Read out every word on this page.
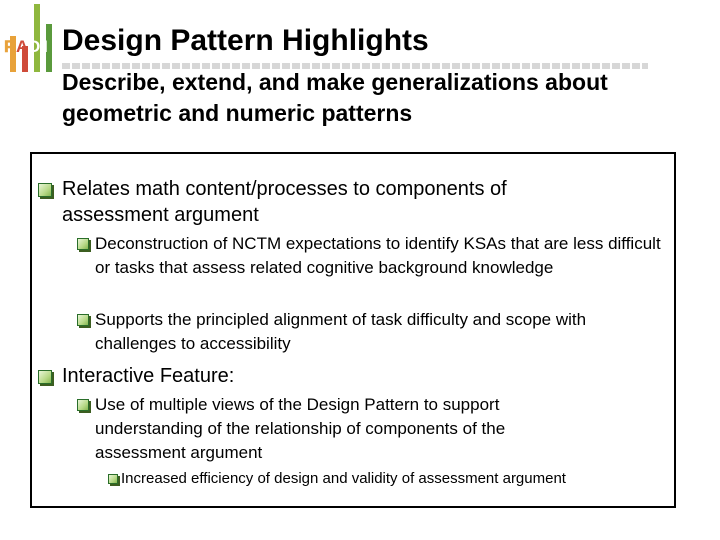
P A
D I Design Pattern Highlights
Describe, extend, and make generalizations about geometric and numeric patterns
Relates math content/processes to components of assessment argument
Deconstruction of NCTM expectations to identify KSAs that are less difficult or tasks that assess related cognitive background knowledge
Supports the principled alignment of task difficulty and scope with challenges to accessibility
Interactive Feature:
Use of multiple views of the Design Pattern to support understanding of the relationship of components of the assessment argument
Increased efficiency of design and validity of assessment argument
